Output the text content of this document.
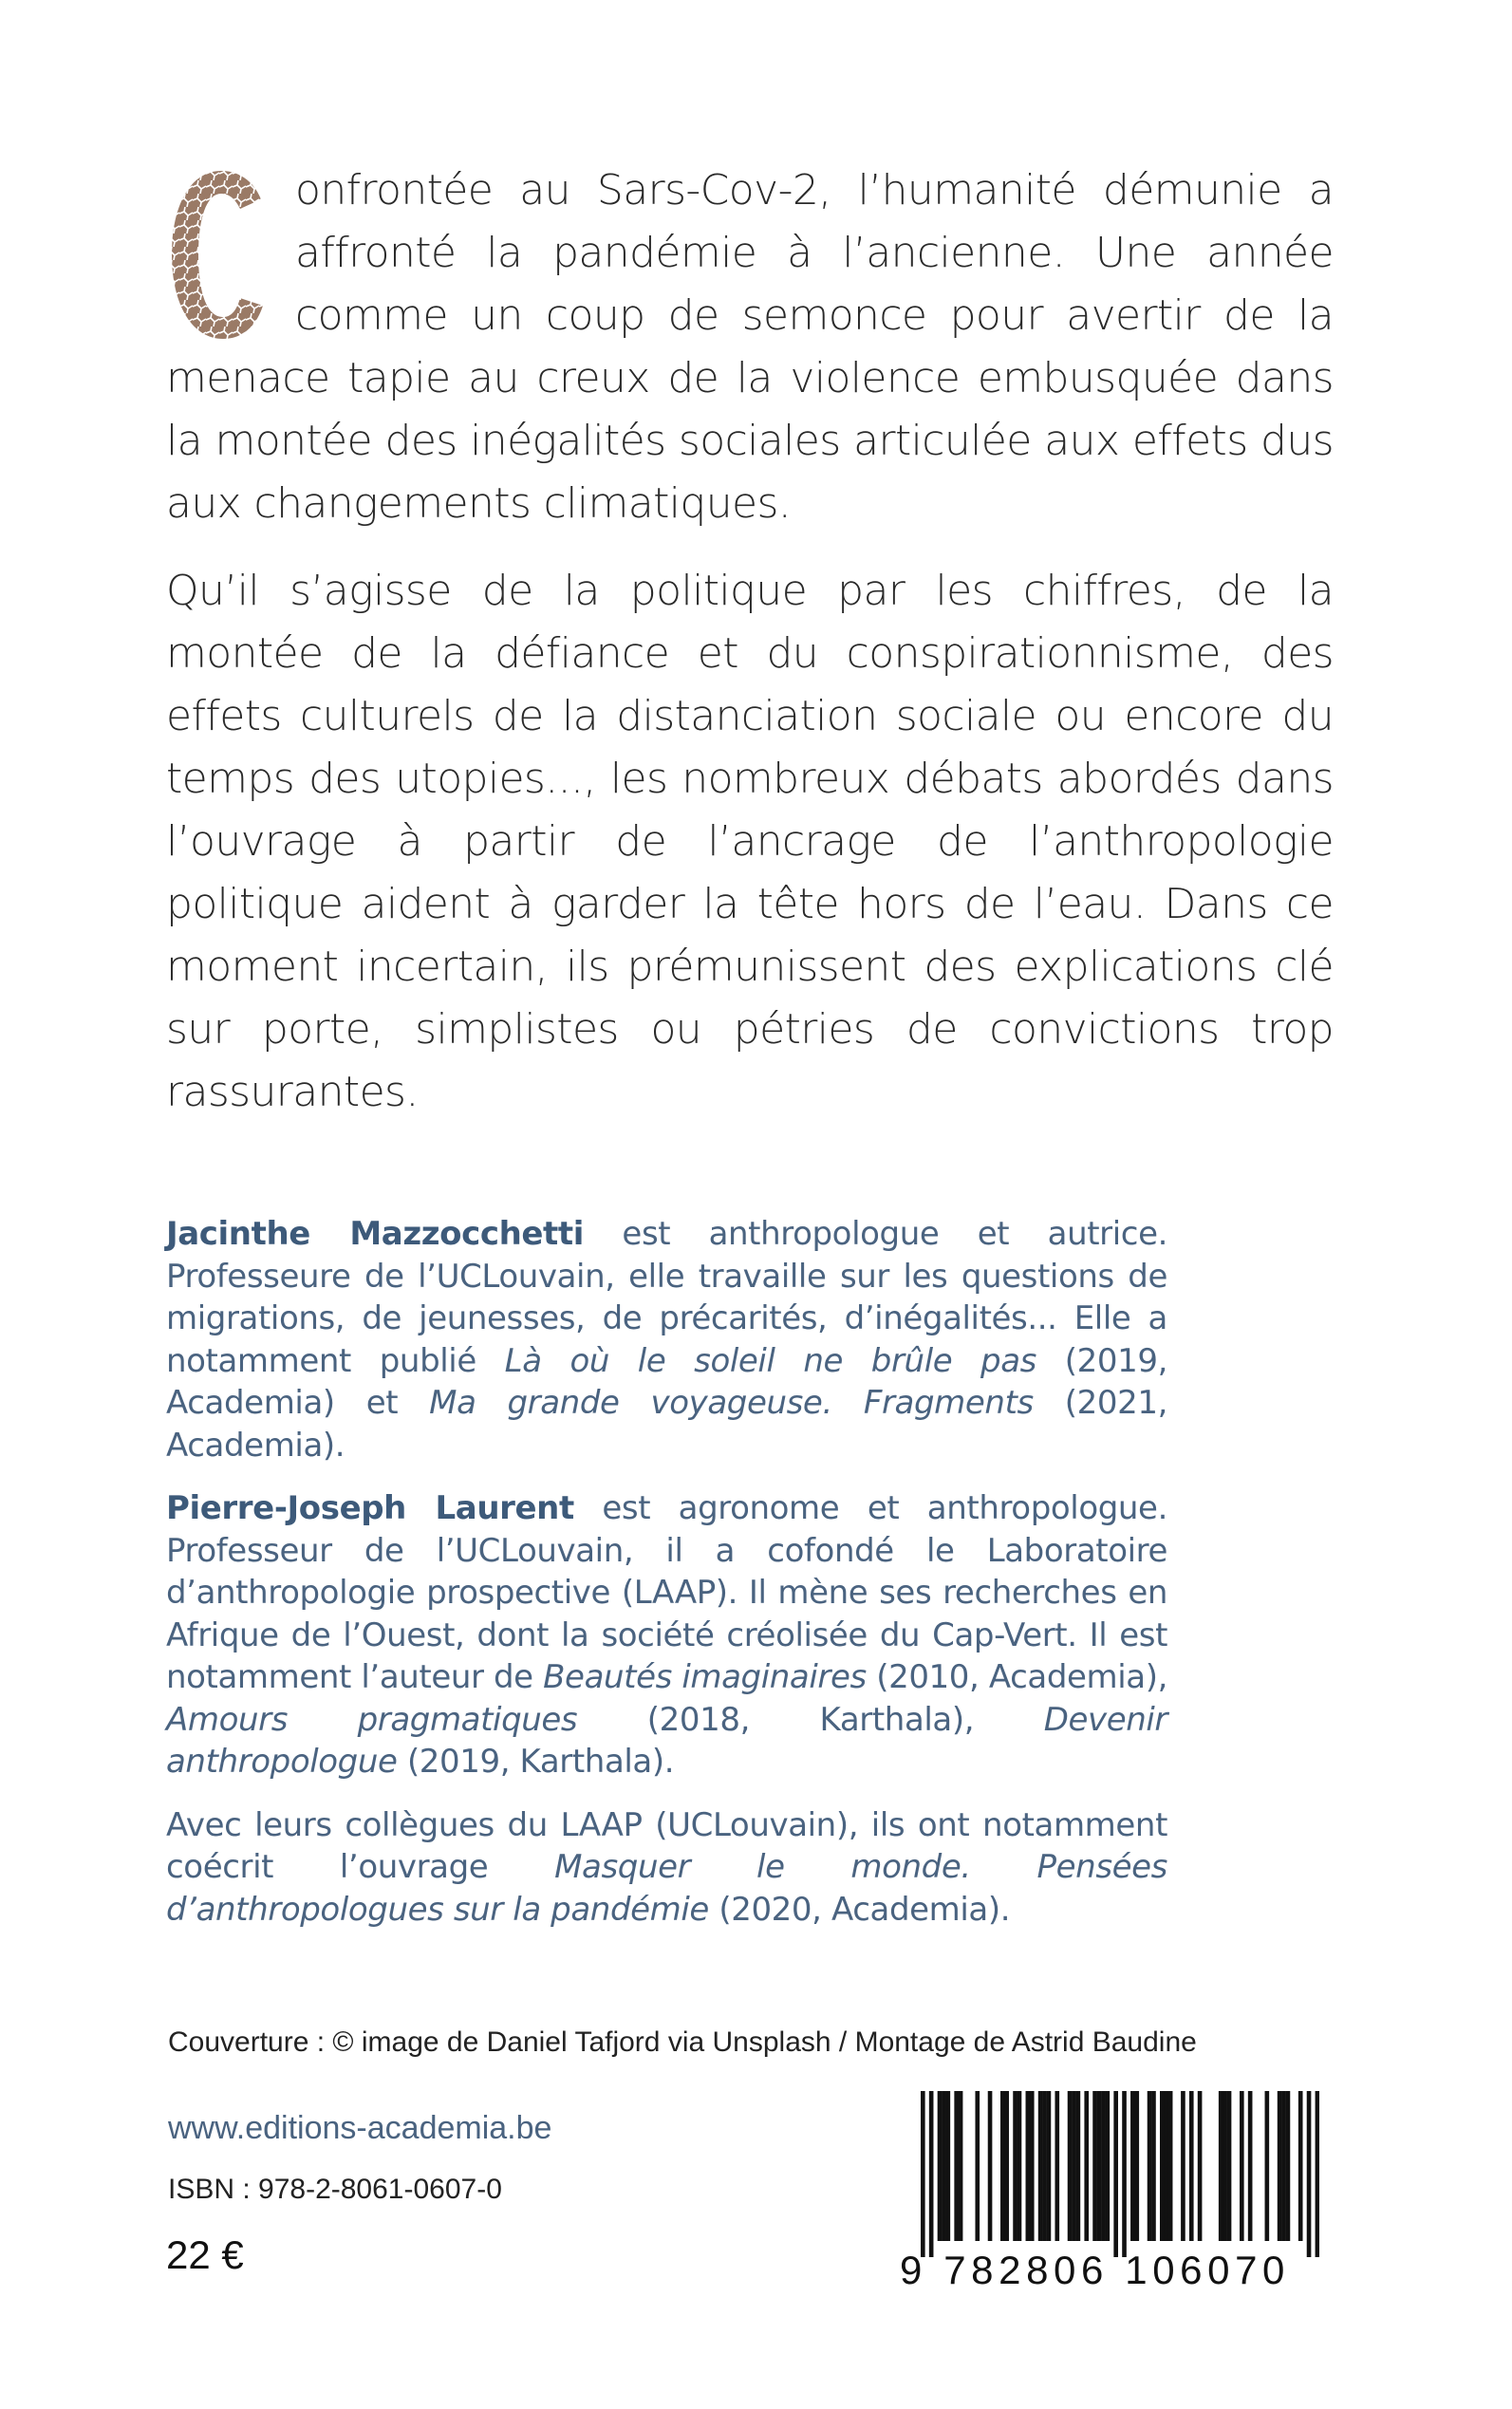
C
onfrontée au Sars-Cov-2, l’humanité démunie a affronté la pandémie à l’ancienne. Une année comme un coup de semonce pour avertir de la menace tapie au creux de la violence embusquée dans la montée des inégalités sociales articulée aux effets dus aux changements climatiques.

Qu’il s’agisse de la politique par les chiffres, de la montée de la défiance et du conspirationnisme, des effets culturels de la distanciation sociale ou encore du temps des utopies..., les nombreux débats abordés dans l’ouvrage à partir de l’ancrage de l’anthropologie politique aident à garder la tête hors de l’eau. Dans ce moment incertain, ils prémunissent des explications clé sur porte, simplistes ou pétries de convictions trop rassurantes.

Jacinthe Mazzocchetti est anthropologue et autrice. Professeure de l’UCLouvain, elle travaille sur les questions de migrations, de jeunesses, de précarités, d’inégalités... Elle a notamment publié Là où le soleil ne brûle pas (2019, Academia) et Ma grande voyageuse. Fragments (2021, Academia).

Pierre-Joseph Laurent est agronome et anthropologue. Professeur de l’UCLouvain, il a cofondé le Laboratoire d’anthropologie prospective (LAAP). Il mène ses recherches en Afrique de l’Ouest, dont la société créolisée du Cap-Vert. Il est notamment l’auteur de Beautés imaginaires (2010, Academia), Amours pragmatiques (2018, Karthala), Devenir anthropologue (2019, Karthala).

Avec leurs collègues du LAAP (UCLouvain), ils ont notamment coécrit l’ouvrage Masquer le monde. Pensées d’anthropologues sur la pandémie (2020, Academia).

Couverture : © image de Daniel Tafjord via Unsplash / Montage de Astrid Baudine
www.editions-academia.be
ISBN : 978-2-8061-0607-0
22 €	9 782806 106070
